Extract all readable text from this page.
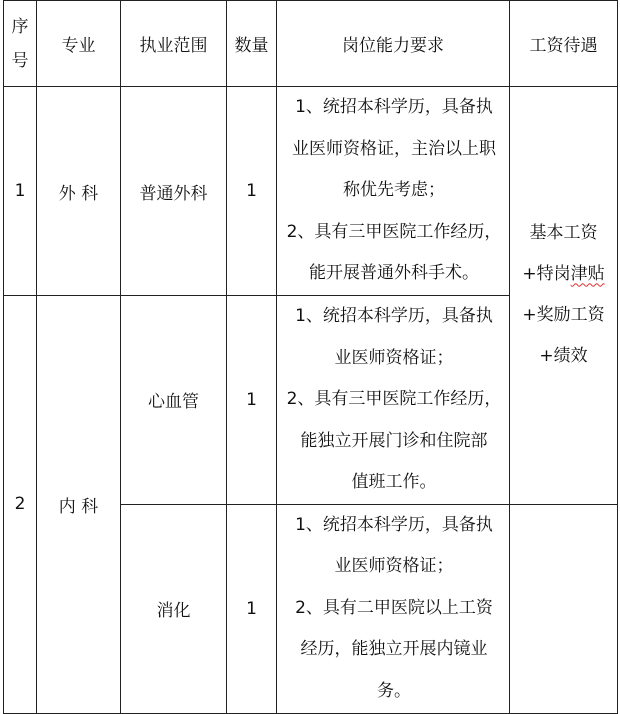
序
号	专业	执业范围	数量	岗位能力要求	工资待遇
1	外 科	普通外科	1	1、统招本科学历，具备执
业医师资格证，主治以上职
称优先考虑；
2、具有三甲医院工作经历，
能开展普通外科手术。	基本工资
+特岗津贴
+奖励工资
+绩效

2	内 科	心血管	1	1、统招本科学历，具备执
业医师资格证；
2、具有三甲医院工作经历，
能独立开展门诊和住院部
值班工作。	

		消化	1	1、统招本科学历，具备执
业医师资格证；
2、具有二甲医院以上工资
经历，能独立开展内镜业
务。	
